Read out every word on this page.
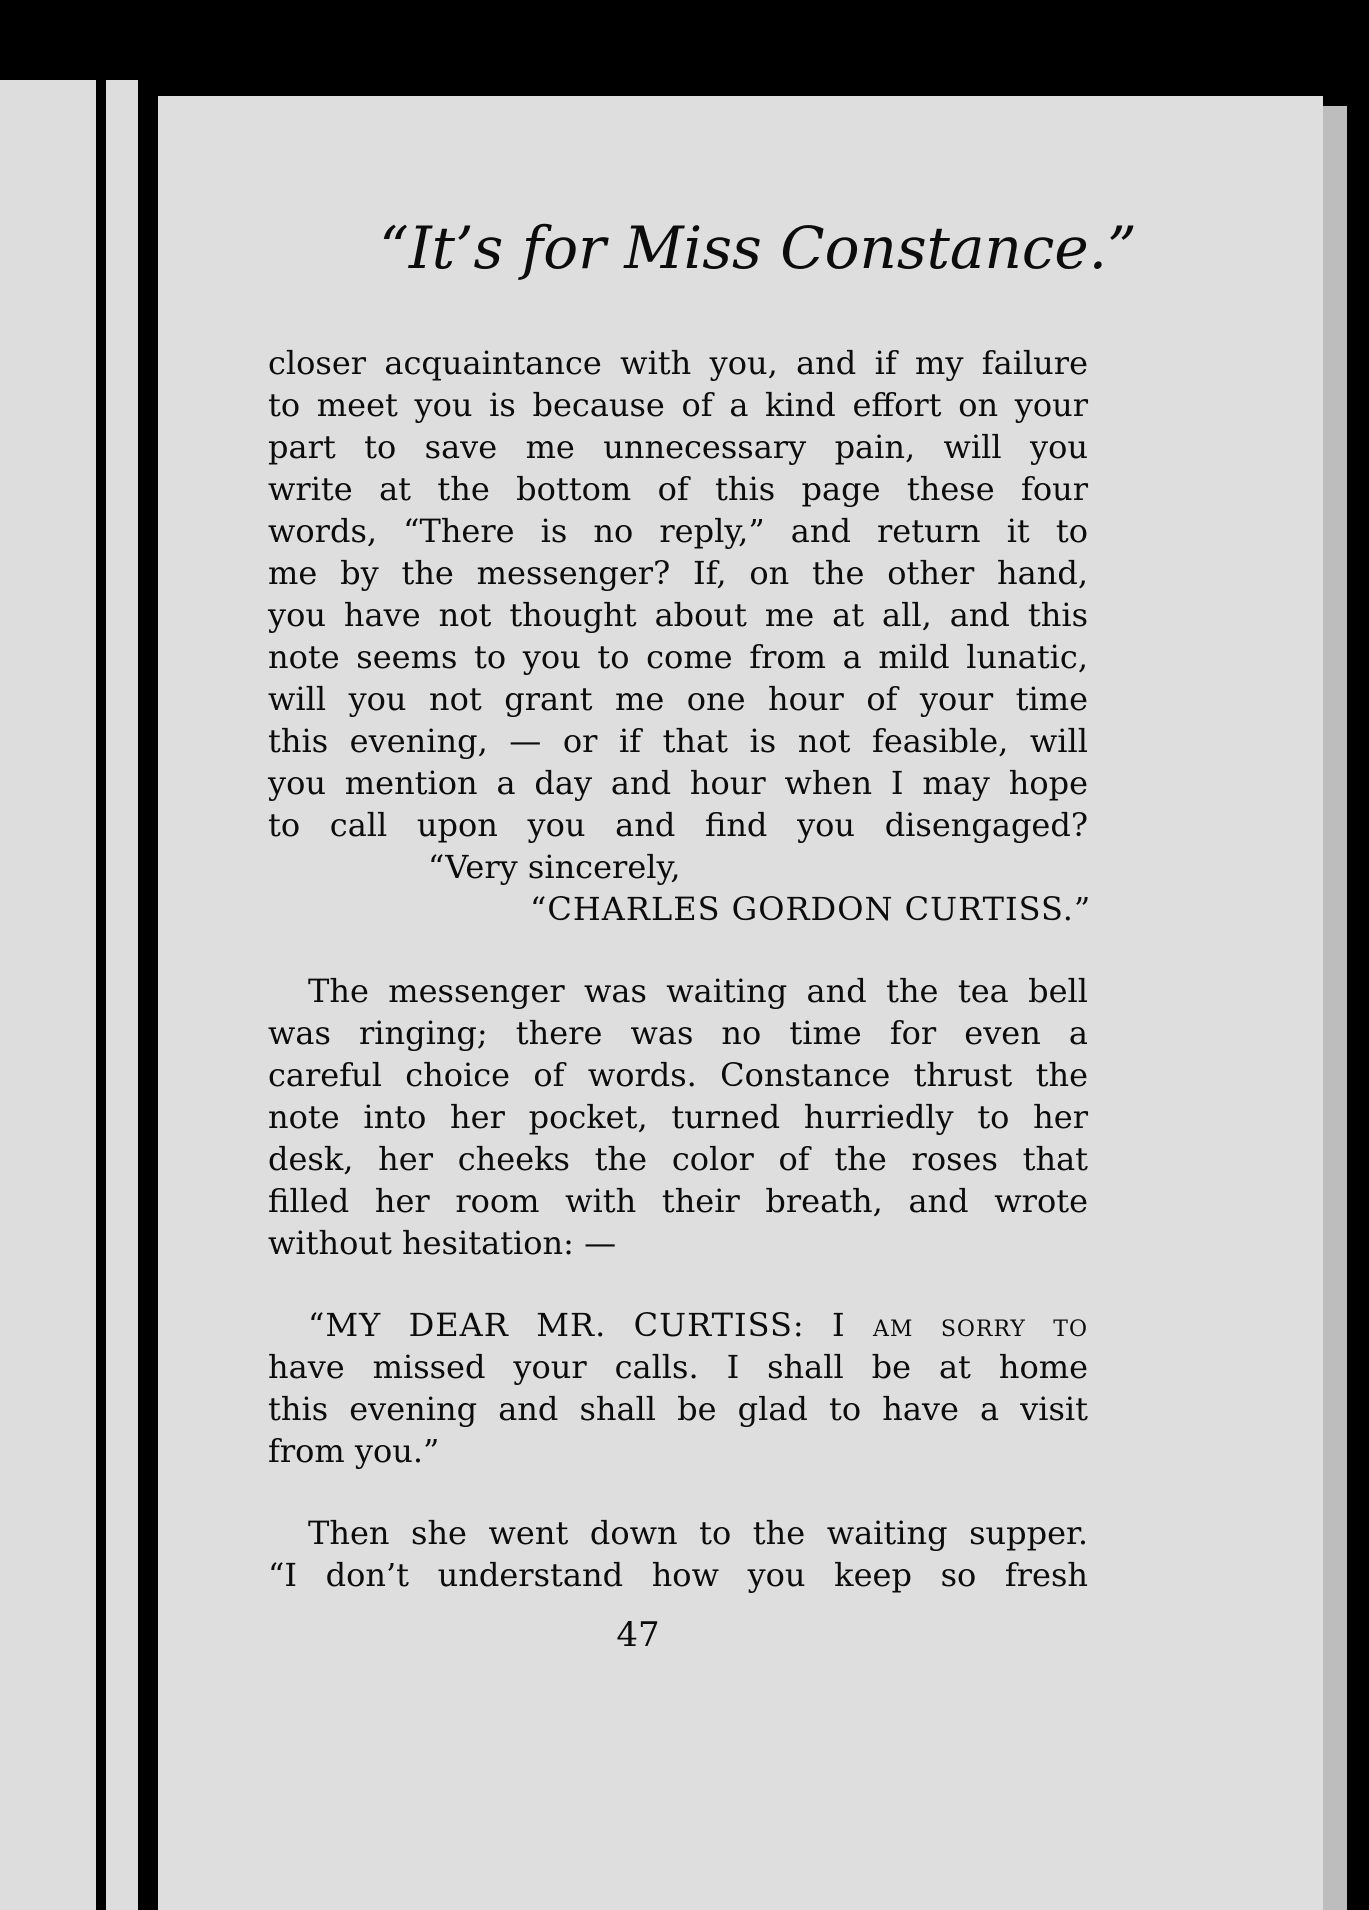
“It’s for Miss Constance.”
closer acquaintance with you, and if my failure
to meet you is because of a kind effort on your
part to save me unnecessary pain, will you
write at the bottom of this page these four
words, “There is no reply,” and return it to
me by the messenger? If, on the other hand,
you have not thought about me at all, and this
note seems to you to come from a mild lunatic,
will you not grant me one hour of your time
this evening, — or if that is not feasible, will
you mention a day and hour when I may hope
to call upon you and find you disengaged?
“Very sincerely,
“CHARLES GORDON CURTISS.”
The messenger was waiting and the tea bell
was ringing; there was no time for even a
careful choice of words. Constance thrust the
note into her pocket, turned hurriedly to her
desk, her cheeks the color of the roses that
filled her room with their breath, and wrote
without hesitation: —
“MY DEAR MR. CURTISS: I am sorry to
have missed your calls. I shall be at home
this evening and shall be glad to have a visit
from you.”
Then she went down to the waiting supper.
“I don’t understand how you keep so fresh
47
